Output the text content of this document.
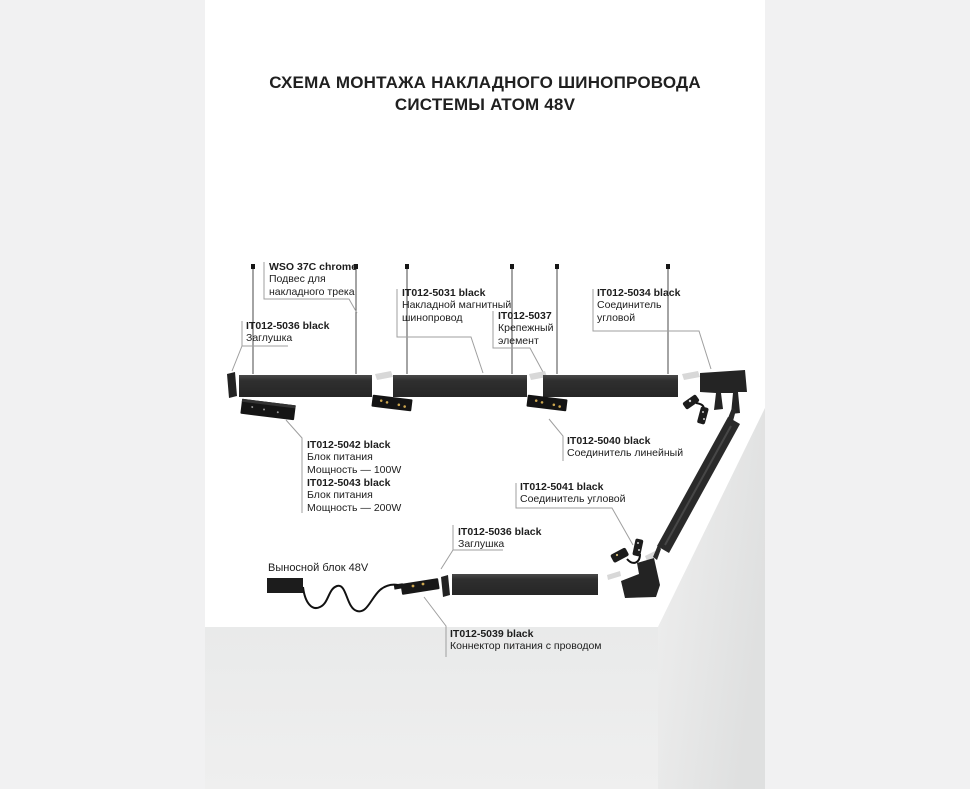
СХЕМА МОНТАЖА НАКЛАДНОГО ШИНОПРОВОДА
СИСТЕМЫ ATOM 48V
WSO 37C chrome
Подвес для
накладного трека
IT012-5036 black
Заглушка
IT012-5031 black
Накладной магнитный
шинопровод	IT012-5037
Крепежный
элемент
IT012-5034 black
Соединитель
угловой
IT012-5042 black
Блок питания
Мощность — 100W
IT012-5043 black
Блок питания
Мощность — 200W
IT012-5040 black
Соединитель линейный
IT012-5041 black
Соединитель угловой
IT012-5036 black
Заглушка
Выносной блок 48V
IT012-5039 black
Коннектор питания с проводом
